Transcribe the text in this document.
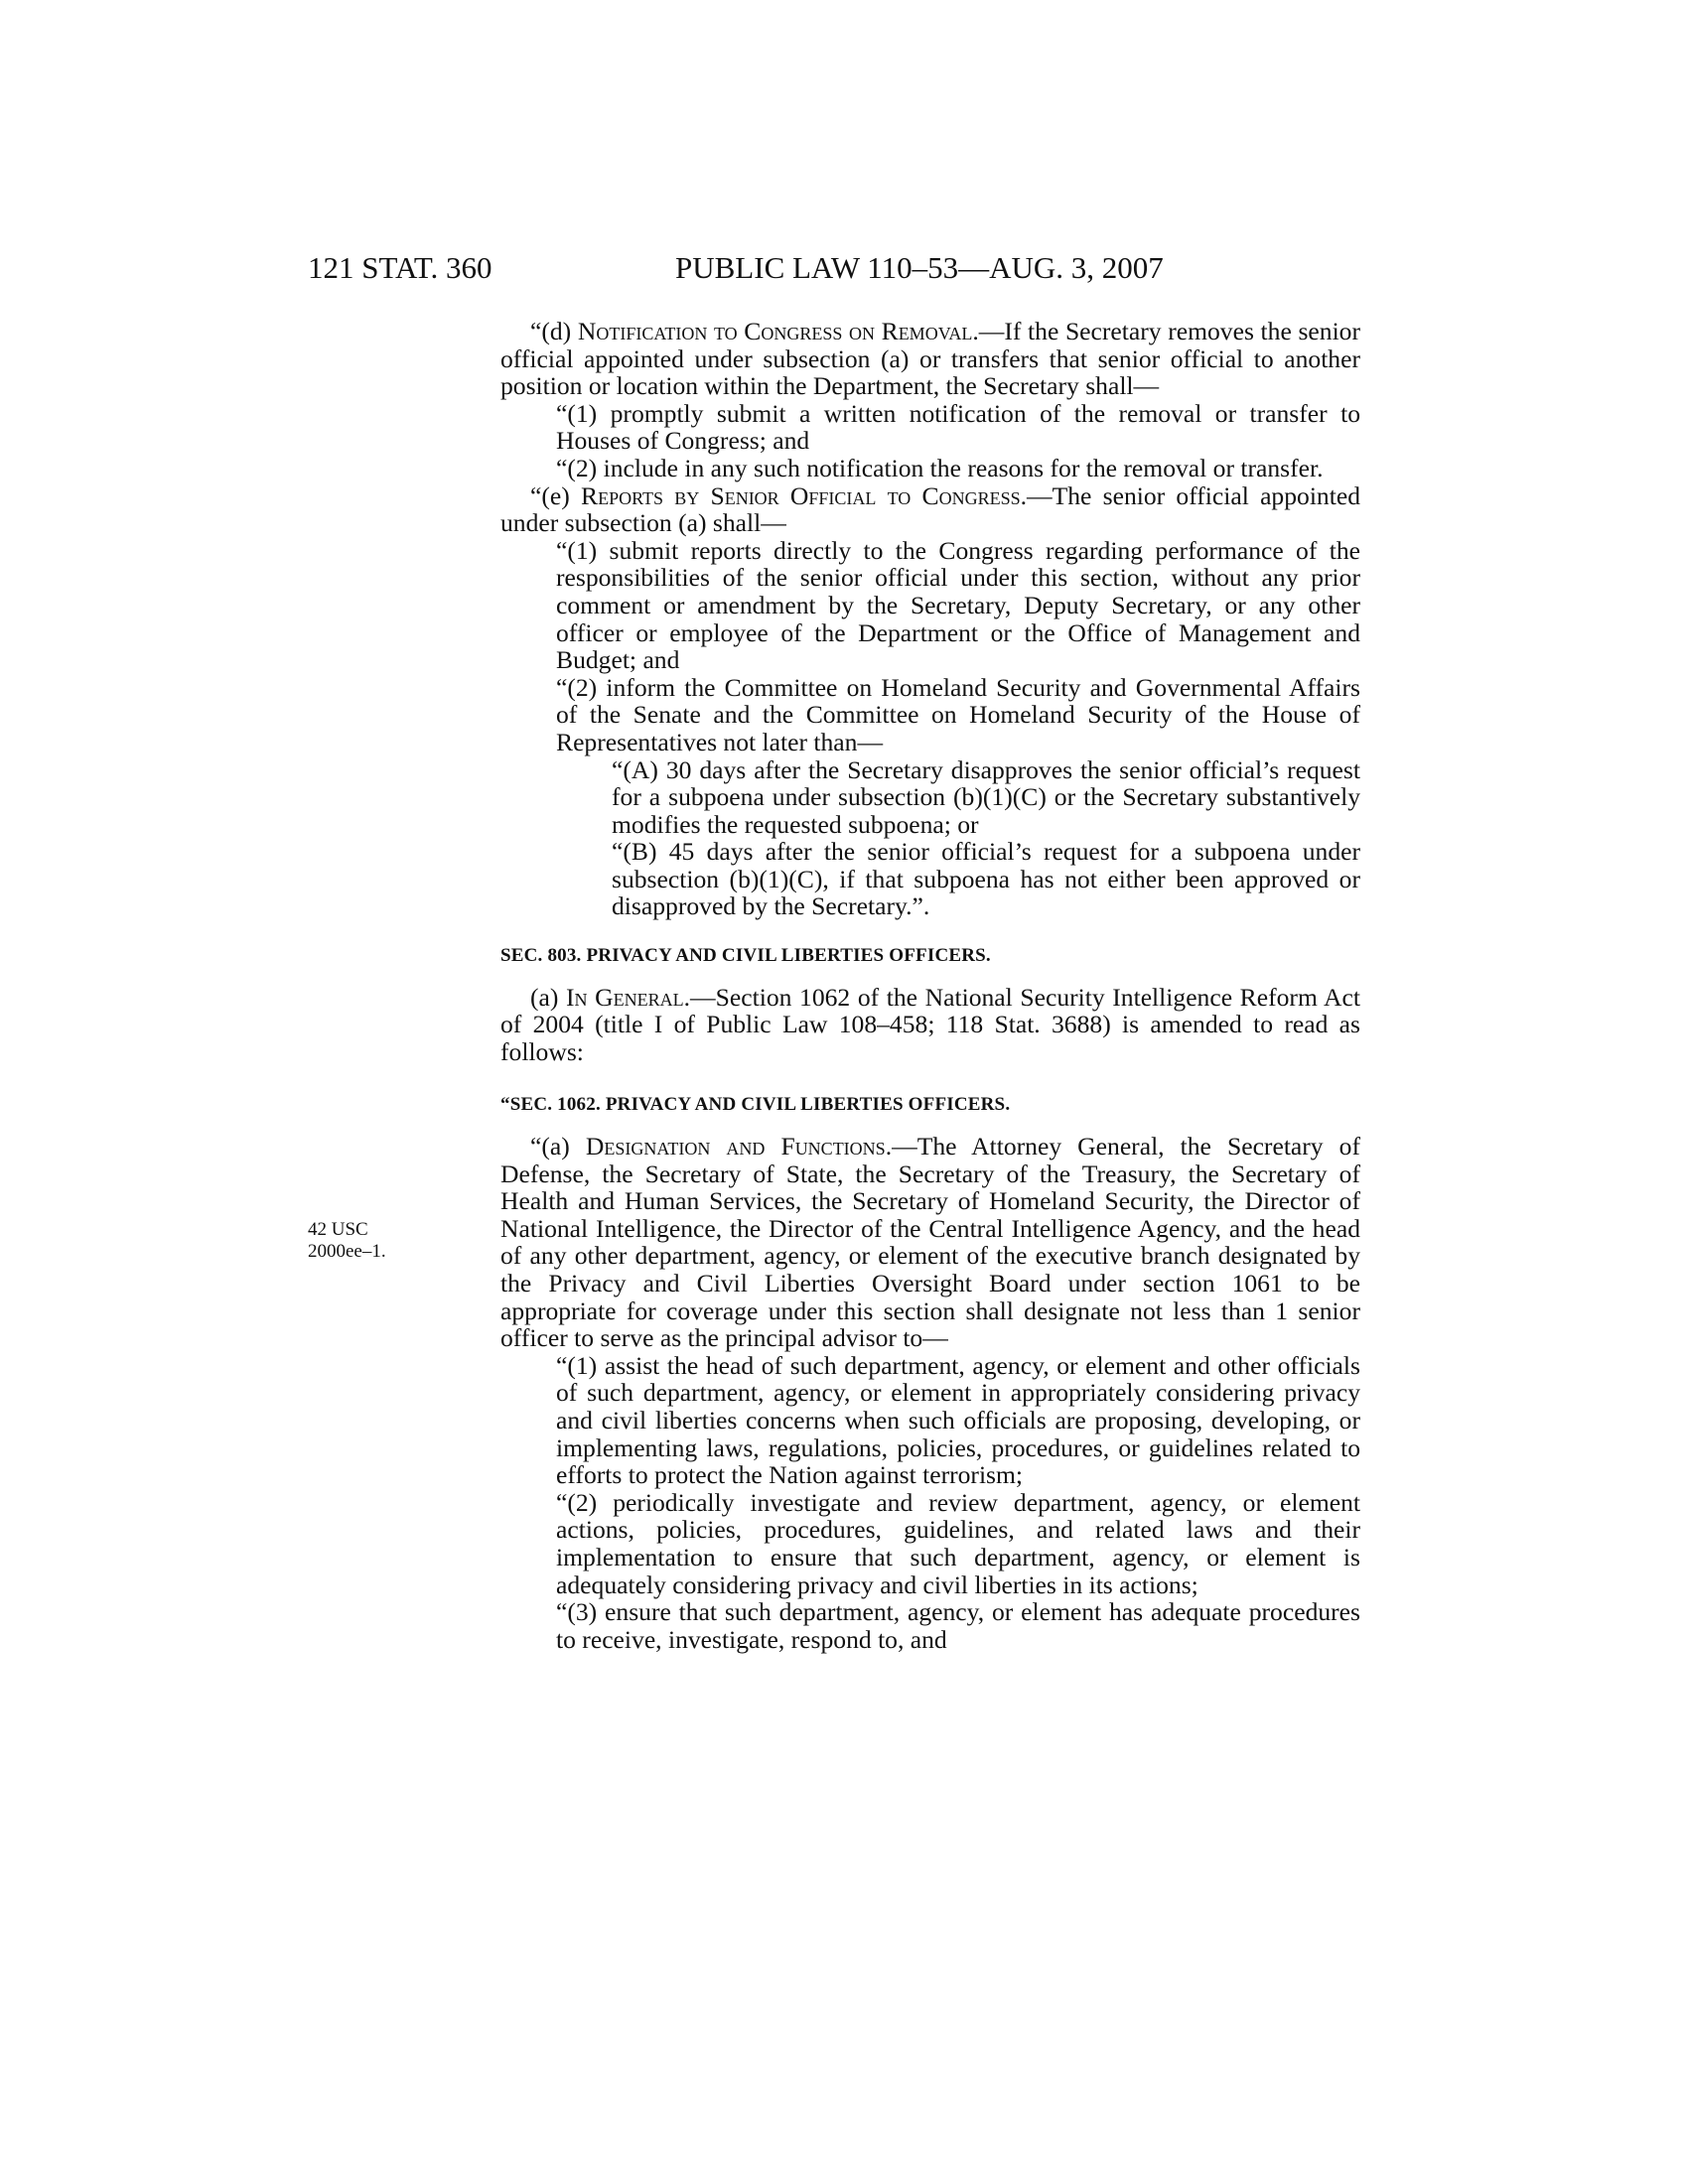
121 STAT. 360	PUBLIC LAW 110–53—AUG. 3, 2007
42 USC
2000ee–1.

“(d) Notification to Congress on Removal.—If the Secretary removes the senior official appointed under subsection (a) or transfers that senior official to another position or location within the Department, the Secretary shall—

“(1) promptly submit a written notification of the removal or transfer to Houses of Congress; and

“(2) include in any such notification the reasons for the removal or transfer.

“(e) Reports by Senior Official to Congress.—The senior official appointed under subsection (a) shall—

“(1) submit reports directly to the Congress regarding performance of the responsibilities of the senior official under this section, without any prior comment or amendment by the Secretary, Deputy Secretary, or any other officer or employee of the Department or the Office of Management and Budget; and

“(2) inform the Committee on Homeland Security and Governmental Affairs of the Senate and the Committee on Homeland Security of the House of Representatives not later than—

“(A) 30 days after the Secretary disapproves the senior official’s request for a subpoena under subsection (b)(1)(C) or the Secretary substantively modifies the requested subpoena; or

“(B) 45 days after the senior official’s request for a subpoena under subsection (b)(1)(C), if that subpoena has not either been approved or disapproved by the Secretary.”.

SEC. 803. PRIVACY AND CIVIL LIBERTIES OFFICERS.

(a) In General.—Section 1062 of the National Security Intelligence Reform Act of 2004 (title I of Public Law 108–458; 118 Stat. 3688) is amended to read as follows:

“SEC. 1062. PRIVACY AND CIVIL LIBERTIES OFFICERS.

“(a) Designation and Functions.—The Attorney General, the Secretary of Defense, the Secretary of State, the Secretary of the Treasury, the Secretary of Health and Human Services, the Secretary of Homeland Security, the Director of National Intelligence, the Director of the Central Intelligence Agency, and the head of any other department, agency, or element of the executive branch designated by the Privacy and Civil Liberties Oversight Board under section 1061 to be appropriate for coverage under this section shall designate not less than 1 senior officer to serve as the principal advisor to—

“(1) assist the head of such department, agency, or element and other officials of such department, agency, or element in appropriately considering privacy and civil liberties concerns when such officials are proposing, developing, or implementing laws, regulations, policies, procedures, or guidelines related to efforts to protect the Nation against terrorism;

“(2) periodically investigate and review department, agency, or element actions, policies, procedures, guidelines, and related laws and their implementation to ensure that such department, agency, or element is adequately considering privacy and civil liberties in its actions;

“(3) ensure that such department, agency, or element has adequate procedures to receive, investigate, respond to, and
